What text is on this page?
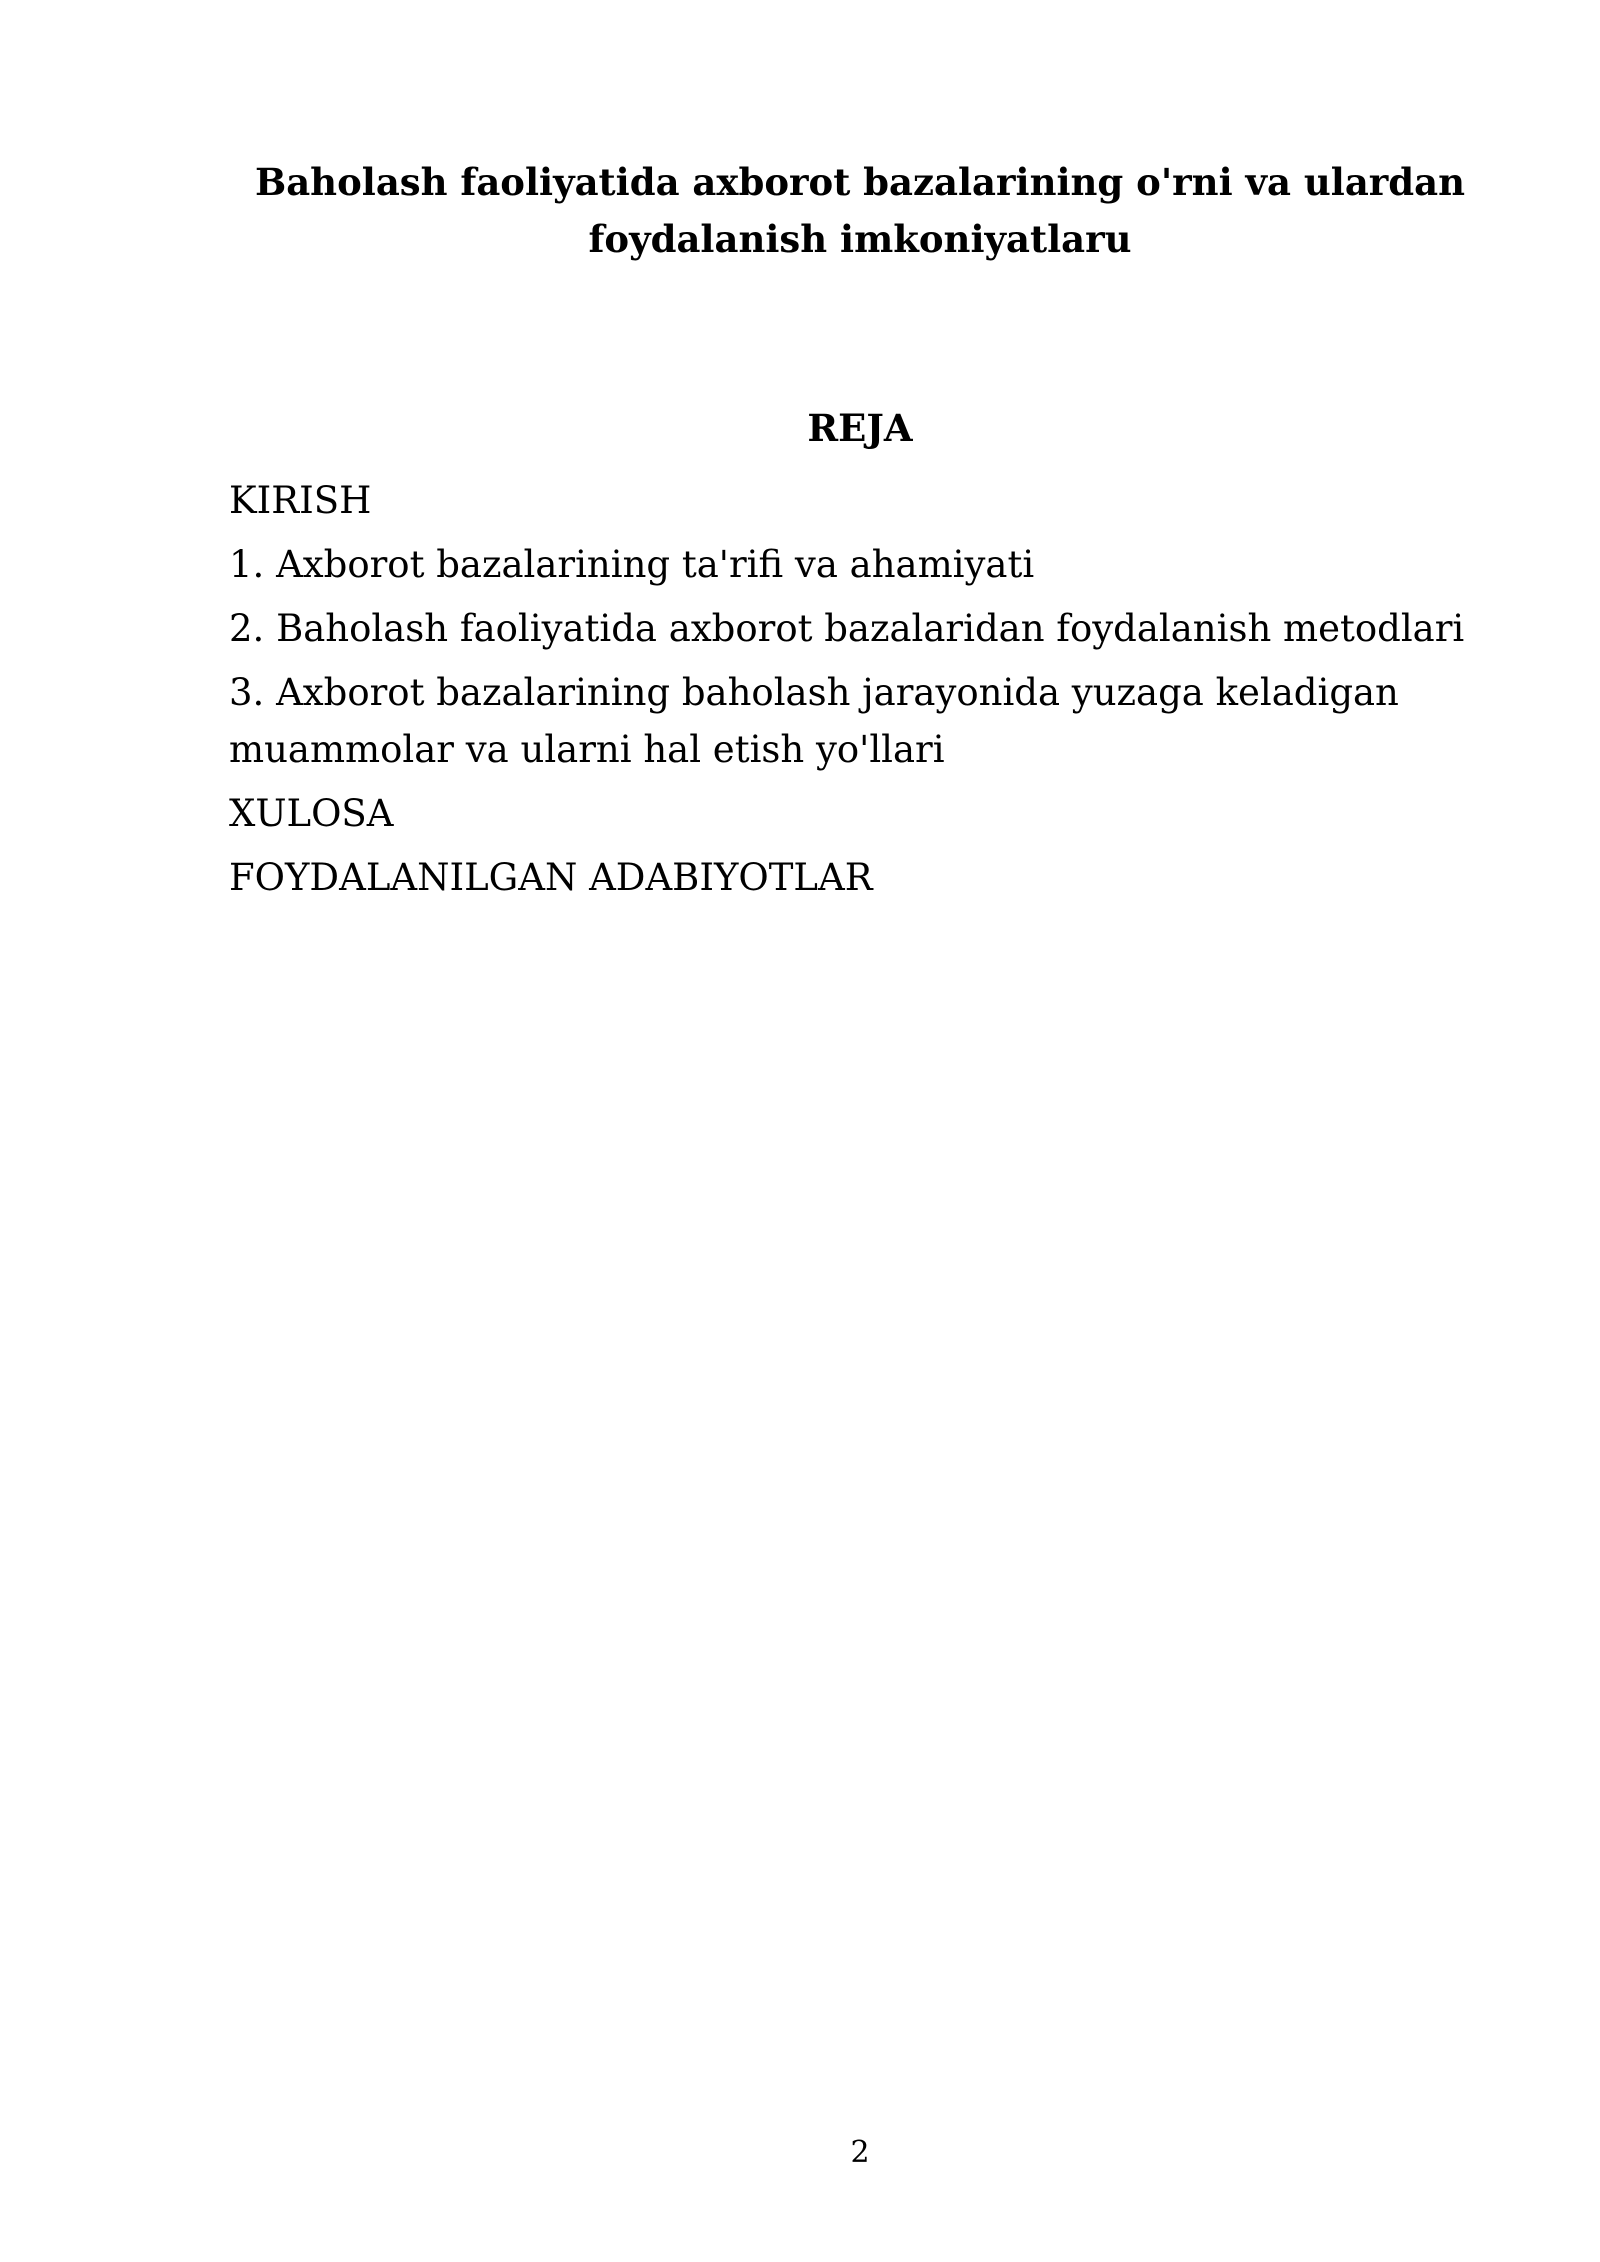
Baholash faoliyatida axborot bazalarining o'rni va ulardan
foydalanish imkoniyatlaru
REJA
KIRISH
1. Axborot bazalarining ta'rifi va ahamiyati
2. Baholash faoliyatida axborot bazalaridan foydalanish metodlari
3. Axborot bazalarining baholash jarayonida yuzaga keladigan muammolar va ularni hal etish yo'llari
XULOSA
FOYDALANILGAN ADABIYOTLAR
2
